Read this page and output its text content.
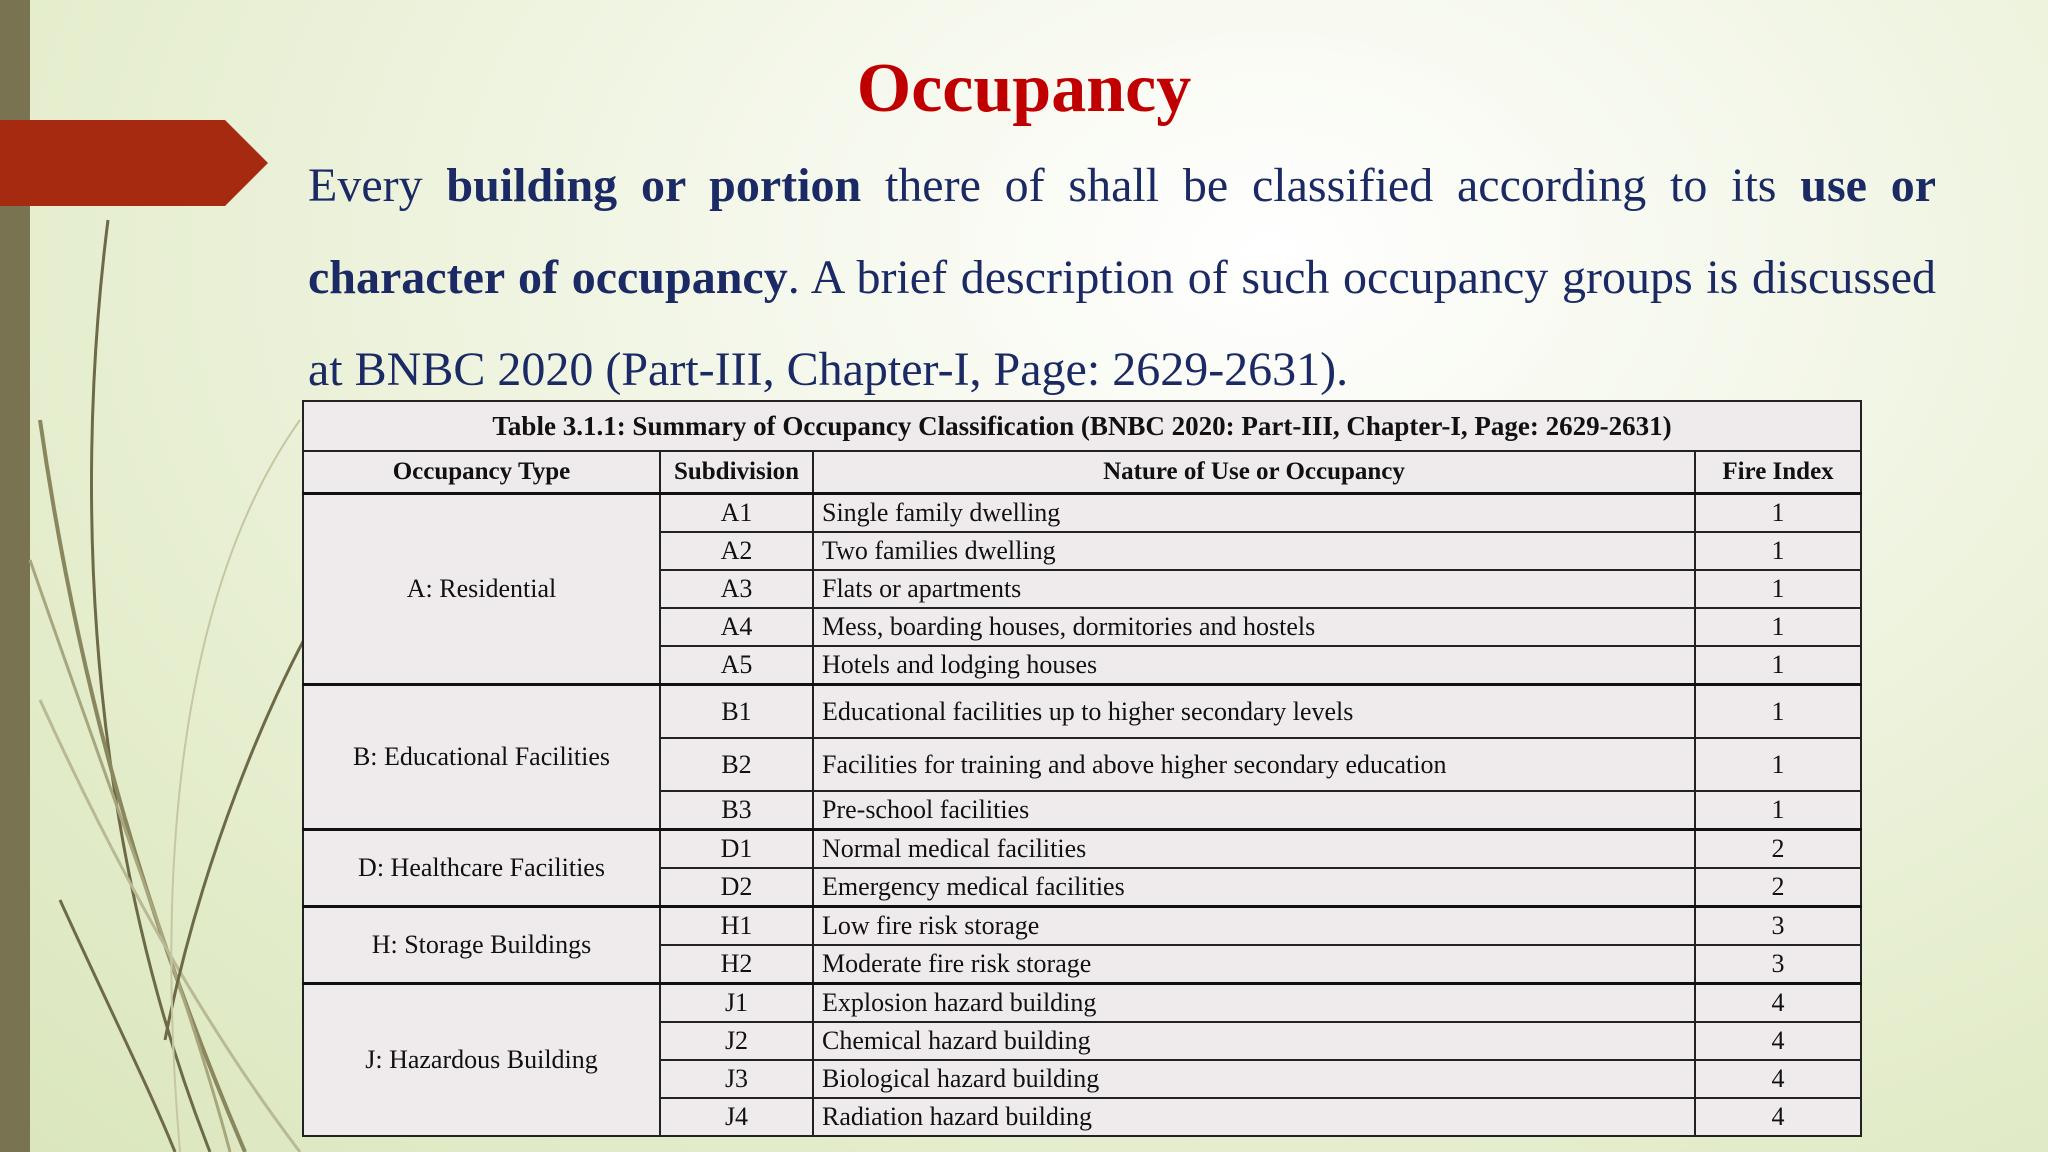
Occupancy
Every building or portion there of shall be classified according to its use or character of occupancy. A brief description of such occupancy groups is discussed at BNBC 2020 (Part-III, Chapter-I, Page: 2629-2631).
Table 3.1.1: Summary of Occupancy Classification (BNBC 2020: Part-III, Chapter-I, Page: 2629-2631)			
Occupancy Type	Subdivision	Nature of Use or Occupancy	Fire Index
A: Residential	A1	Single family dwelling	1
	A2	Two families dwelling	1
	A3	Flats or apartments	1
	A4	Mess, boarding houses, dormitories and hostels	1
	A5	Hotels and lodging houses	1
B: Educational Facilities	B1	Educational facilities up to higher secondary levels	1
	B2	Facilities for training and above higher secondary education	1
	B3	Pre-school facilities	1
D: Healthcare Facilities	D1	Normal medical facilities	2
	D2	Emergency medical facilities	2
H: Storage Buildings	H1	Low fire risk storage	3
	H2	Moderate fire risk storage	3
J: Hazardous Building	J1	Explosion hazard building	4
	J2	Chemical hazard building	4
	J3	Biological hazard building	4
	J4	Radiation hazard building	4
